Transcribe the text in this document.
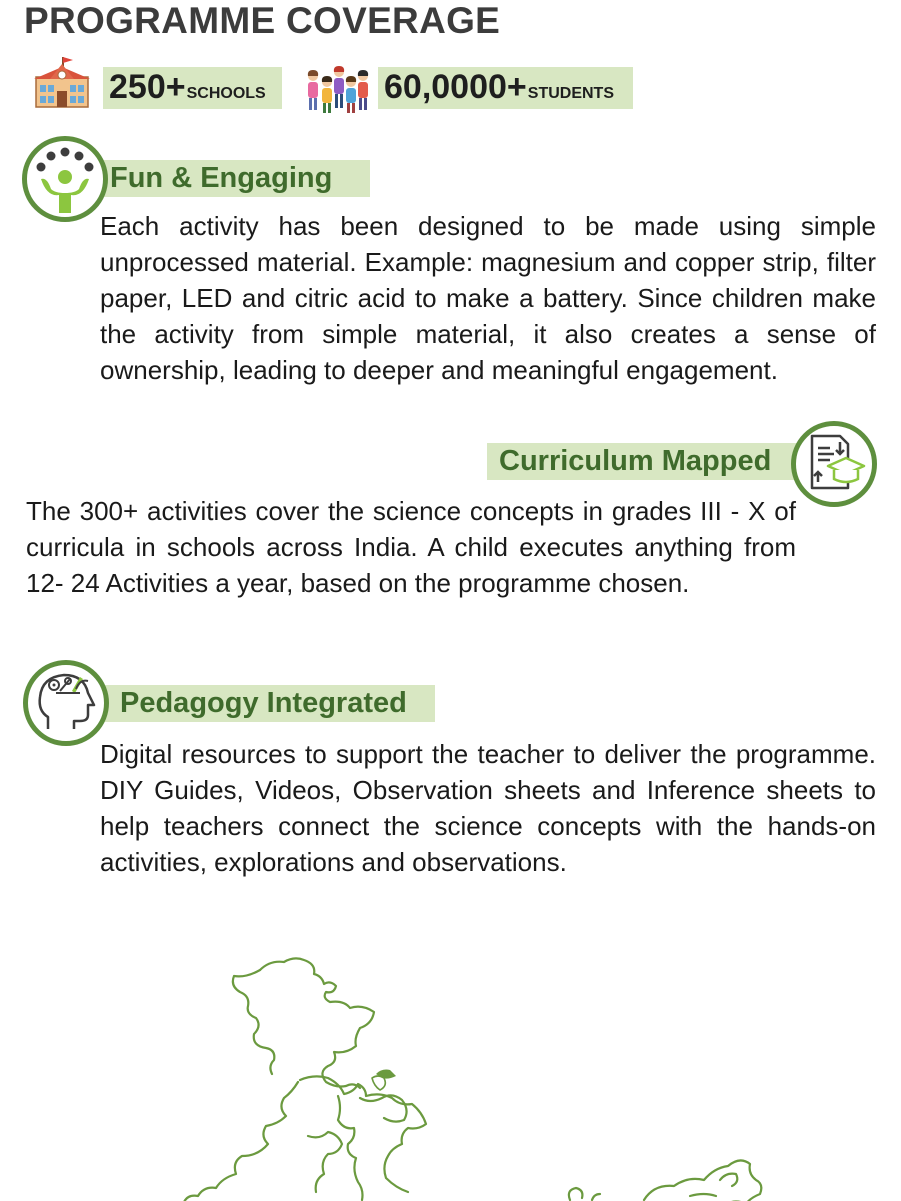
PROGRAMME COVERAGE
250+ SCHOOLS	60,0000+ STUDENTS
Fun & Engaging
Each activity has been designed to be made using simple unprocessed material. Example: magnesium and copper strip, filter paper, LED and citric acid to make a battery. Since children make the activity from simple material, it also creates a sense of ownership, leading to deeper and meaningful engagement.
Curriculum Mapped
The 300+ activities cover the science concepts in grades III - X of curricula in schools across India. A child executes anything from 12- 24 Activities a year, based on the programme chosen.
Pedagogy Integrated
Digital resources to support the teacher to deliver the programme. DIY Guides, Videos, Observation sheets and Inference sheets to help teachers connect the science concepts with the hands-on activities, explorations and observations.
